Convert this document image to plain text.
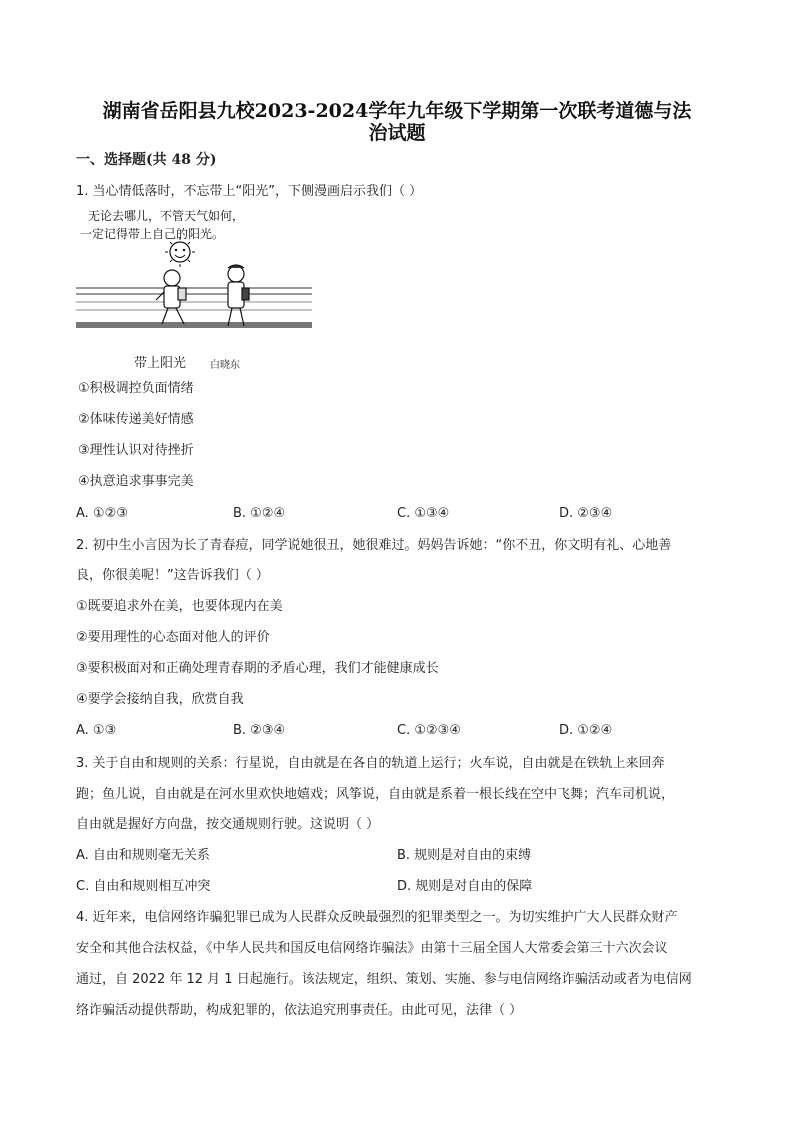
湖南省岳阳县九校2023-2024学年九年级下学期第一次联考道德与法
治试题
一、选择题(共 48 分)
1. 当心情低落时，不忘带上“阳光”，下侧漫画启示我们（ ）
无论去哪儿，不管天气如何，
一定记得带上自己的阳光。
带上阳光 白晓东
①积极调控负面情绪
②体味传递美好情感
③理性认识对待挫折
④执意追求事事完美
A. ①②③	B. ①②④	C. ①③④	D. ②③④
2. 初中生小言因为长了青春痘，同学说她很丑，她很难过。妈妈告诉她：“你不丑，你文明有礼、心地善
良，你很美呢！”这告诉我们（ ）
①既要追求外在美，也要体现内在美
②要用理性的心态面对他人的评价
③要积极面对和正确处理青春期的矛盾心理，我们才能健康成长
④要学会接纳自我，欣赏自我
A. ①③	B. ②③④	C. ①②③④	D. ①②④
3. 关于自由和规则的关系：行星说，自由就是在各自的轨道上运行；火车说，自由就是在铁轨上来回奔
跑；鱼儿说，自由就是在河水里欢快地嬉戏；风筝说，自由就是系着一根长线在空中飞舞；汽车司机说，
自由就是握好方向盘，按交通规则行驶。这说明（ ）
A. 自由和规则毫无关系	B. 规则是对自由的束缚
C. 自由和规则相互冲突	D. 规则是对自由的保障
4. 近年来，电信网络诈骗犯罪已成为人民群众反映最强烈的犯罪类型之一。为切实维护广大人民群众财产
安全和其他合法权益，《中华人民共和国反电信网络诈骗法》由第十三届全国人大常委会第三十六次会议
通过，自 2022 年 12 月 1 日起施行。该法规定，组织、策划、实施、参与电信网络诈骗活动或者为电信网
络诈骗活动提供帮助，构成犯罪的，依法追究刑事责任。由此可见，法律（ ）
